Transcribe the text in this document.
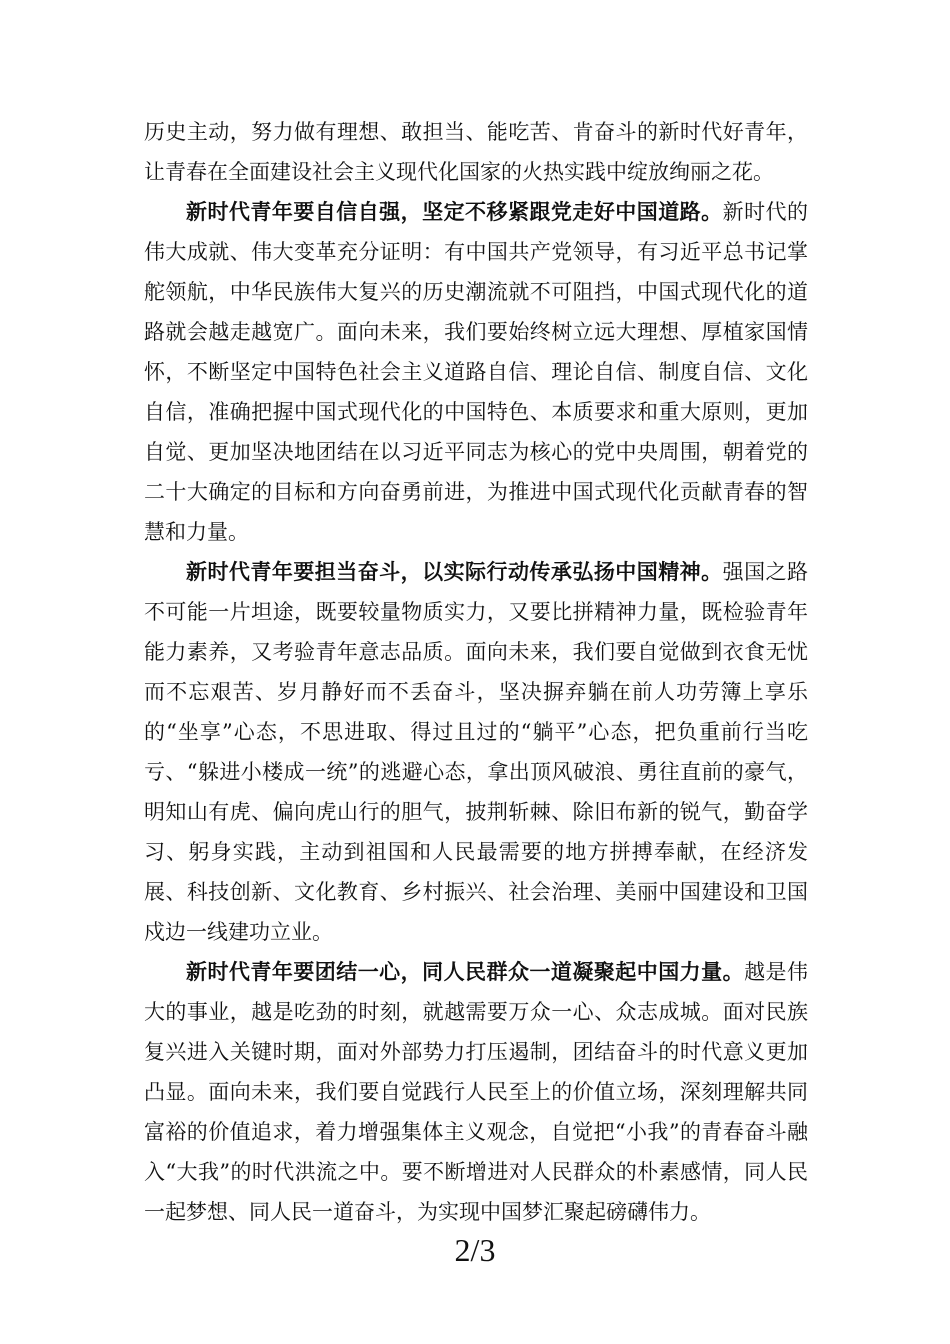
历史主动，努力做有理想、敢担当、能吃苦、肯奋斗的新时代好青年，让青春在全面建设社会主义现代化国家的火热实践中绽放绚丽之花。

新时代青年要自信自强，坚定不移紧跟党走好中国道路。新时代的伟大成就、伟大变革充分证明：有中国共产党领导，有习近平总书记掌舵领航，中华民族伟大复兴的历史潮流就不可阻挡，中国式现代化的道路就会越走越宽广。面向未来，我们要始终树立远大理想、厚植家国情怀，不断坚定中国特色社会主义道路自信、理论自信、制度自信、文化自信，准确把握中国式现代化的中国特色、本质要求和重大原则，更加自觉、更加坚决地团结在以习近平同志为核心的党中央周围，朝着党的二十大确定的目标和方向奋勇前进，为推进中国式现代化贡献青春的智慧和力量。

新时代青年要担当奋斗，以实际行动传承弘扬中国精神。强国之路不可能一片坦途，既要较量物质实力，又要比拼精神力量，既检验青年能力素养，又考验青年意志品质。面向未来，我们要自觉做到衣食无忧而不忘艰苦、岁月静好而不丢奋斗，坚决摒弃躺在前人功劳簿上享乐的“坐享”心态，不思进取、得过且过的“躺平”心态，把负重前行当吃亏、“躲进小楼成一统”的逃避心态，拿出顶风破浪、勇往直前的豪气，明知山有虎、偏向虎山行的胆气，披荆斩棘、除旧布新的锐气，勤奋学习、躬身实践，主动到祖国和人民最需要的地方拼搏奉献，在经济发展、科技创新、文化教育、乡村振兴、社会治理、美丽中国建设和卫国戍边一线建功立业。

新时代青年要团结一心，同人民群众一道凝聚起中国力量。越是伟大的事业，越是吃劲的时刻，就越需要万众一心、众志成城。面对民族复兴进入关键时期，面对外部势力打压遏制，团结奋斗的时代意义更加凸显。面向未来，我们要自觉践行人民至上的价值立场，深刻理解共同富裕的价值追求，着力增强集体主义观念，自觉把“小我”的青春奋斗融入“大我”的时代洪流之中。要不断增进对人民群众的朴素感情，同人民一起梦想、同人民一道奋斗，为实现中国梦汇聚起磅礴伟力。

2/3
